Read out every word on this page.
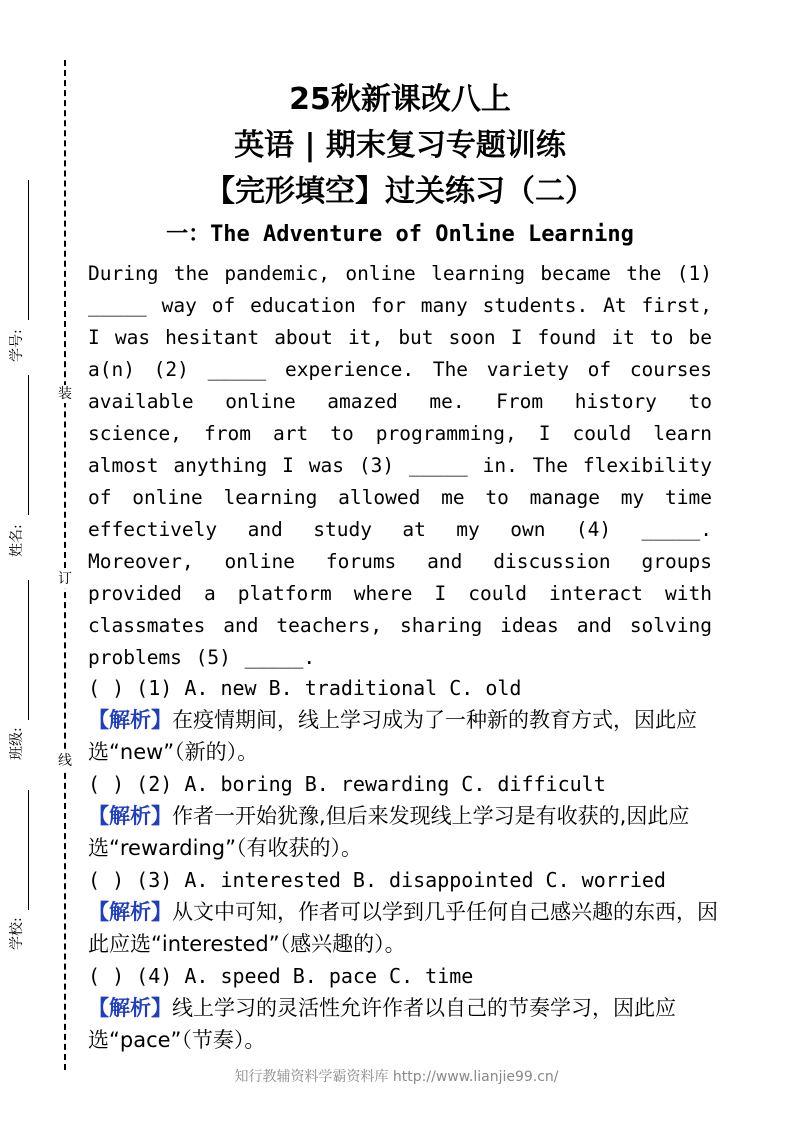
装
订
线
学号:
姓名:
班级:
学校:
25秋新课改八上
英语 | 期末复习专题训练
【完形填空】过关练习（二）
一：The Adventure of Online Learning
During the pandemic, online learning became the (1) _____ way of education for many students. At first, I was hesitant about it, but soon I found it to be a(n) (2) _____ experience. The variety of courses available online amazed me. From history to science, from art to programming, I could learn almost anything I was (3) _____ in. The flexibility of online learning allowed me to manage my time effectively and study at my own (4) _____. Moreover, online forums and discussion groups provided a platform where I could interact with classmates and teachers, sharing ideas and solving problems (5) _____.
( ) (1) A. new B. traditional C. old
【解析】在疫情期间，线上学习成为了一种新的教育方式，因此应选“new”（新的）。
( ) (2) A. boring B. rewarding C. difficult
【解析】作者一开始犹豫,但后来发现线上学习是有收获的,因此应选“rewarding”（有收获的）。
( ) (3) A. interested B. disappointed C. worried
【解析】从文中可知，作者可以学到几乎任何自己感兴趣的东西，因此应选“interested”（感兴趣的）。
( ) (4) A. speed B. pace C. time
【解析】线上学习的灵活性允许作者以自己的节奏学习，因此应选“pace”（节奏）。
知行教辅资料学霸资料库 http://www.lianjie99.cn/
